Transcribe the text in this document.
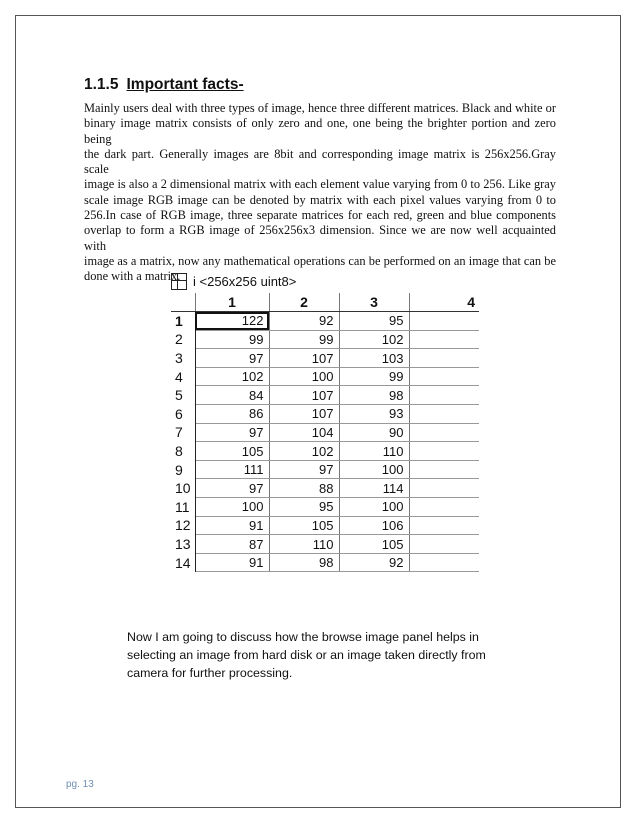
1.1.5 Important facts-

Mainly users deal with three types of image, hence three different matrices. Black and white or
binary image matrix consists of only zero and one, one being the brighter portion and zero being
the dark part. Generally images are 8bit and corresponding image matrix is 256x256.Gray scale
image is also a 2 dimensional matrix with each element value varying from 0 to 256. Like gray
scale image RGB image can be denoted by matrix with each pixel values varying from 0 to
256.In case of RGB image, three separate matrices for each red, green and blue components
overlap to form a RGB image of 256x256x3 dimension. Since we are now well acquainted with
image as a matrix, now any mathematical operations can be performed on an image that can be
done with a matrix. i <256x256 uint8>
	1	2	3	4
1	122	92	95	
2	99	99	102	
3	97	107	103	
4	102	100	99	
5	84	107	98	
6	86	107	93	
7	97	104	90	
8	105	102	110	
9	111	97	100	
10	97	88	114	
11	100	95	100	
12	91	105	106	
13	87	110	105	
14	91	98	92	

Now I am going to discuss how the browse image panel helps in selecting an image from hard disk or an image taken directly from camera for further processing.

pg. 13
